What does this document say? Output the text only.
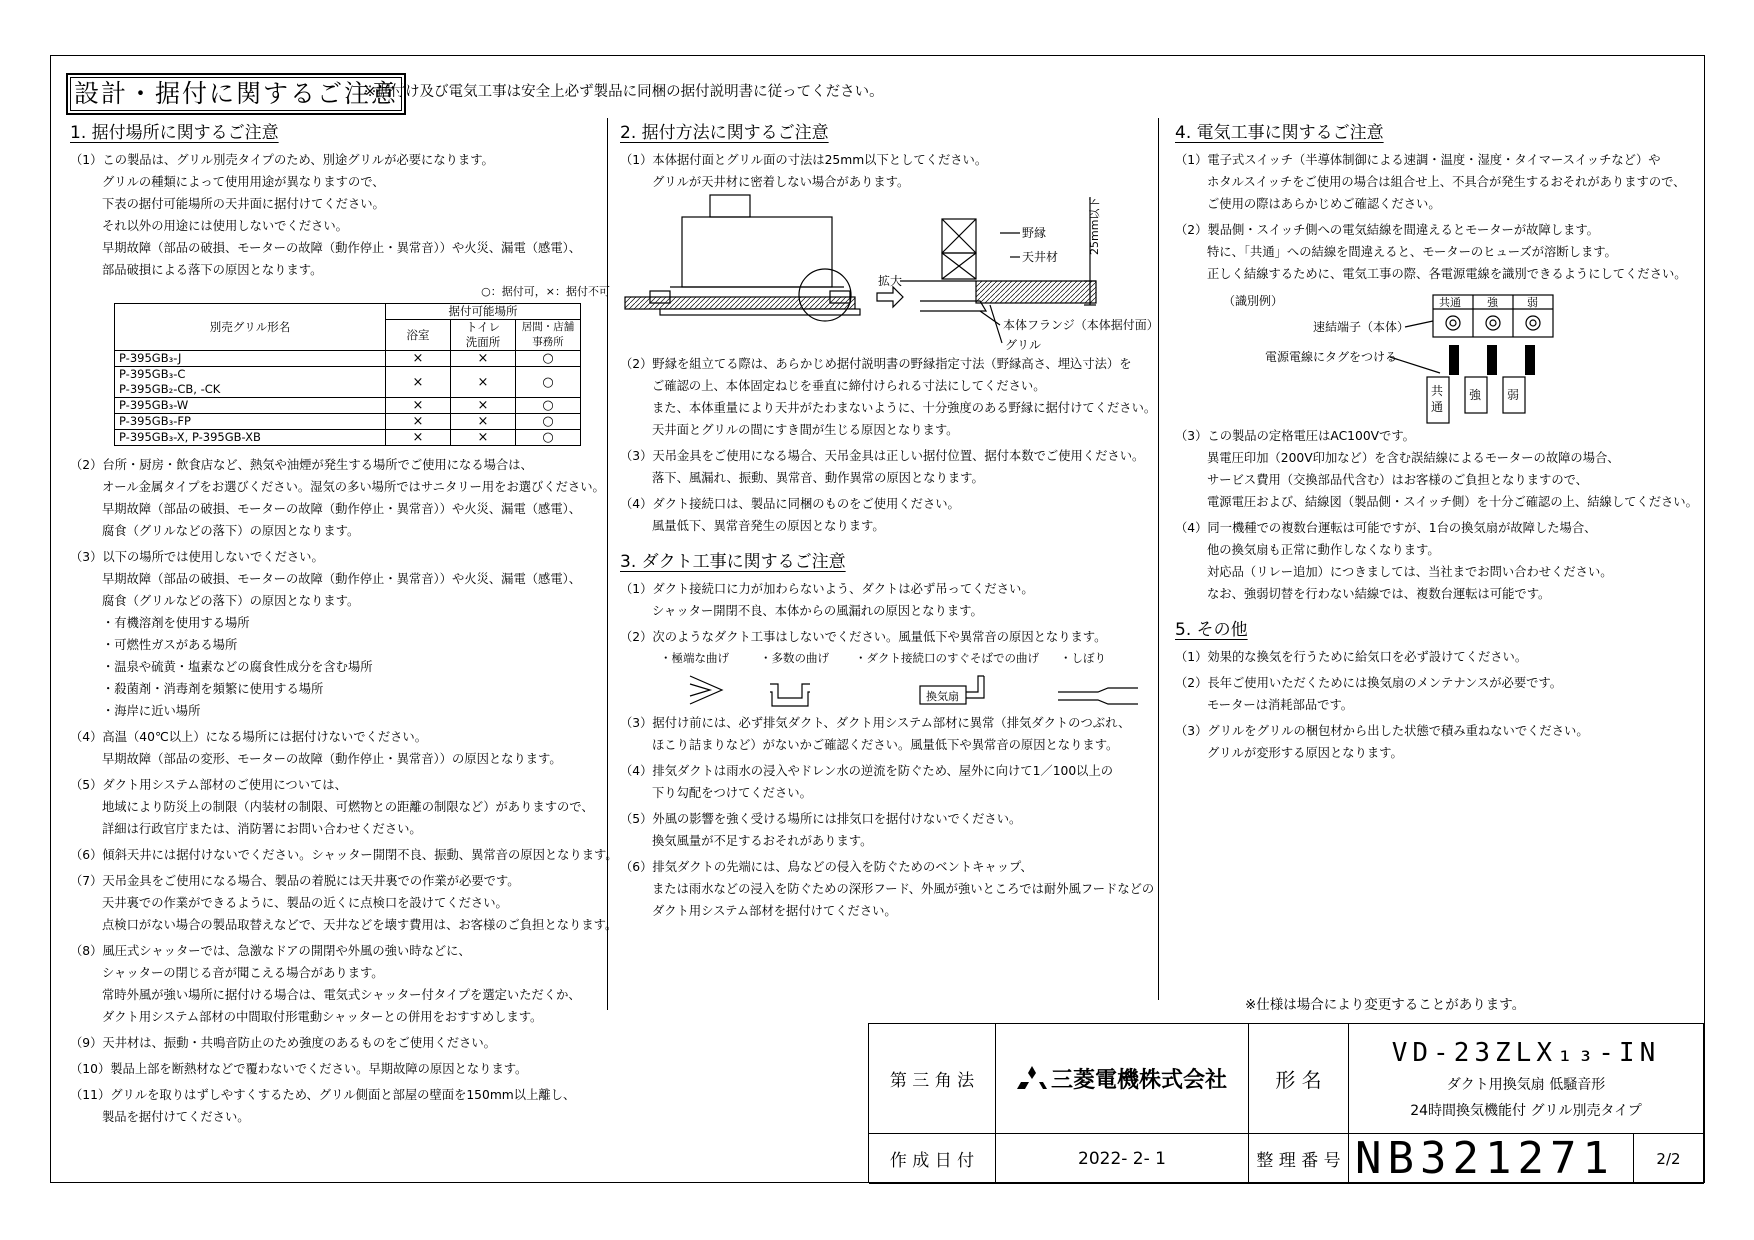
設計・据付に関するご注意
※据付け及び電気工事は安全上必ず製品に同梱の据付説明書に従ってください。
1. 据付場所に関するご注意
（1）この製品は、グリル別売タイプのため、別途グリルが必要になります。
グリルの種類によって使用用途が異なりますので、
下表の据付可能場所の天井面に据付けてください。
それ以外の用途には使用しないでください。
早期故障（部品の破損、モーターの故障（動作停止・異常音））や火災、漏電（感電）、
部品破損による落下の原因となります。
○：据付可，×：据付不可
別売グリル形名	据付可能場所		
	浴室	トイレ
洗面所	居間・店舗
事務所
P-395GB₃-J	×	×	○
P-395GB₃-C
P-395GB₂-CB, -CK	×	×	○
P-395GB₃-W	×	×	○
P-395GB₃-FP	×	×	○
P-395GB₃-X, P-395GB-XB	×	×	○
（2）台所・厨房・飲食店など、熱気や油煙が発生する場所でご使用になる場合は、
オール金属タイプをお選びください。湿気の多い場所ではサニタリー用をお選びください。
早期故障（部品の破損、モーターの故障（動作停止・異常音））や火災、漏電（感電）、
腐食（グリルなどの落下）の原因となります。
（3）以下の場所では使用しないでください。
早期故障（部品の破損、モーターの故障（動作停止・異常音））や火災、漏電（感電）、
腐食（グリルなどの落下）の原因となります。
・有機溶剤を使用する場所
・可燃性ガスがある場所
・温泉や硫黄・塩素などの腐食性成分を含む場所
・殺菌剤・消毒剤を頻繁に使用する場所
・海岸に近い場所
（4）高温（40℃以上）になる場所には据付けないでください。
早期故障（部品の変形、モーターの故障（動作停止・異常音））の原因となります。
（5）ダクト用システム部材のご使用については、
地域により防災上の制限（内装材の制限、可燃物との距離の制限など）がありますので、
詳細は行政官庁または、消防署にお問い合わせください。
（6）傾斜天井には据付けないでください。シャッター開閉不良、振動、異常音の原因となります。
（7）天吊金具をご使用になる場合、製品の着脱には天井裏での作業が必要です。
天井裏での作業ができるように、製品の近くに点検口を設けてください。
点検口がない場合の製品取替えなどで、天井などを壊す費用は、お客様のご負担となります。
（8）風圧式シャッターでは、急激なドアの開閉や外風の強い時などに、
シャッターの閉じる音が聞こえる場合があります。
常時外風が強い場所に据付ける場合は、電気式シャッター付タイプを選定いただくか、
ダクト用システム部材の中間取付形電動シャッターとの併用をおすすめします。
（9）天井材は、振動・共鳴音防止のため強度のあるものをご使用ください。
（10）製品上部を断熱材などで覆わないでください。早期故障の原因となります。
（11）グリルを取りはずしやすくするため、グリル側面と部屋の壁面を150mm以上離し、
製品を据付けてください。
2. 据付方法に関するご注意
（1）本体据付面とグリル面の寸法は25mm以下としてください。
グリルが天井材に密着しない場合があります。
野縁
天井材
拡大
本体フランジ（本体据付面）
グリル
25mm以下
（2）野縁を組立てる際は、あらかじめ据付説明書の野縁指定寸法（野縁高さ、埋込寸法）を
ご確認の上、本体固定ねじを垂直に締付けられる寸法にしてください。
また、本体重量により天井がたわまないように、十分強度のある野縁に据付けてください。
天井面とグリルの間にすき間が生じる原因となります。
（3）天吊金具をご使用になる場合、天吊金具は正しい据付位置、据付本数でご使用ください。
落下、風漏れ、振動、異常音、動作異常の原因となります。
（4）ダクト接続口は、製品に同梱のものをご使用ください。
風量低下、異常音発生の原因となります。
3. ダクト工事に関するご注意
（1）ダクト接続口に力が加わらないよう、ダクトは必ず吊ってください。
シャッター開閉不良、本体からの風漏れの原因となります。
（2）次のようなダクト工事はしないでください。風量低下や異常音の原因となります。
・極端な曲げ	・多数の曲げ ・ダクト接続口のすぐそばでの曲げ ・しぼり
換気扇
（3）据付け前には、必ず排気ダクト、ダクト用システム部材に異常（排気ダクトのつぶれ、
ほこり詰まりなど）がないかご確認ください。風量低下や異常音の原因となります。
（4）排気ダクトは雨水の浸入やドレン水の逆流を防ぐため、屋外に向けて1／100以上の
下り勾配をつけてください。
（5）外風の影響を強く受ける場所には排気口を据付けないでください。
換気風量が不足するおそれがあります。
（6）排気ダクトの先端には、鳥などの侵入を防ぐためのベントキャップ、
または雨水などの浸入を防ぐための深形フード、外風が強いところでは耐外風フードなどの
ダクト用システム部材を据付けてください。
4. 電気工事に関するご注意
（1）電子式スイッチ（半導体制御による速調・温度・湿度・タイマースイッチなど）や
ホタルスイッチをご使用の場合は組合せ上、不具合が発生するおそれがありますので、
ご使用の際はあらかじめご確認ください。
（2）製品側・スイッチ側への電気結線を間違えるとモーターが故障します。
特に、「共通」への結線を間違えると、モーターのヒューズが溶断します。
正しく結線するために、電気工事の際、各電源電線を識別できるようにしてください。
（識別例）	共通 強	弱
速結端子（本体）
電源電線にタグをつける
共通
強 弱
（3）この製品の定格電圧はAC100Vです。
異電圧印加（200V印加など）を含む誤結線によるモーターの故障の場合、
サービス費用（交換部品代含む）はお客様のご負担となりますので、
電源電圧および、結線図（製品側・スイッチ側）を十分ご確認の上、結線してください。
（4）同一機種での複数台運転は可能ですが、1台の換気扇が故障した場合、
他の換気扇も正常に動作しなくなります。
対応品（リレー追加）につきましては、当社までお問い合わせください。
なお、強弱切替を行わない結線では、複数台運転は可能です。
5. その他
（1）効果的な換気を行うために給気口を必ず設けてください。
（2）長年ご使用いただくためには換気扇のメンテナンスが必要です。
モーターは消耗部品です。
（3）グリルをグリルの梱包材から出した状態で積み重ねないでください。
グリルが変形する原因となります。
※仕様は場合により変更することがあります。
第 三 角 法	三菱電機株式会社	形 名
VD-23ZLX₁₃-IN
ダクト用換気扇 低騒音形
24時間換気機能付 グリル別売タイプ
作 成 日 付	2022- 2- 1	整 理 番 号 NB321271	2/2
